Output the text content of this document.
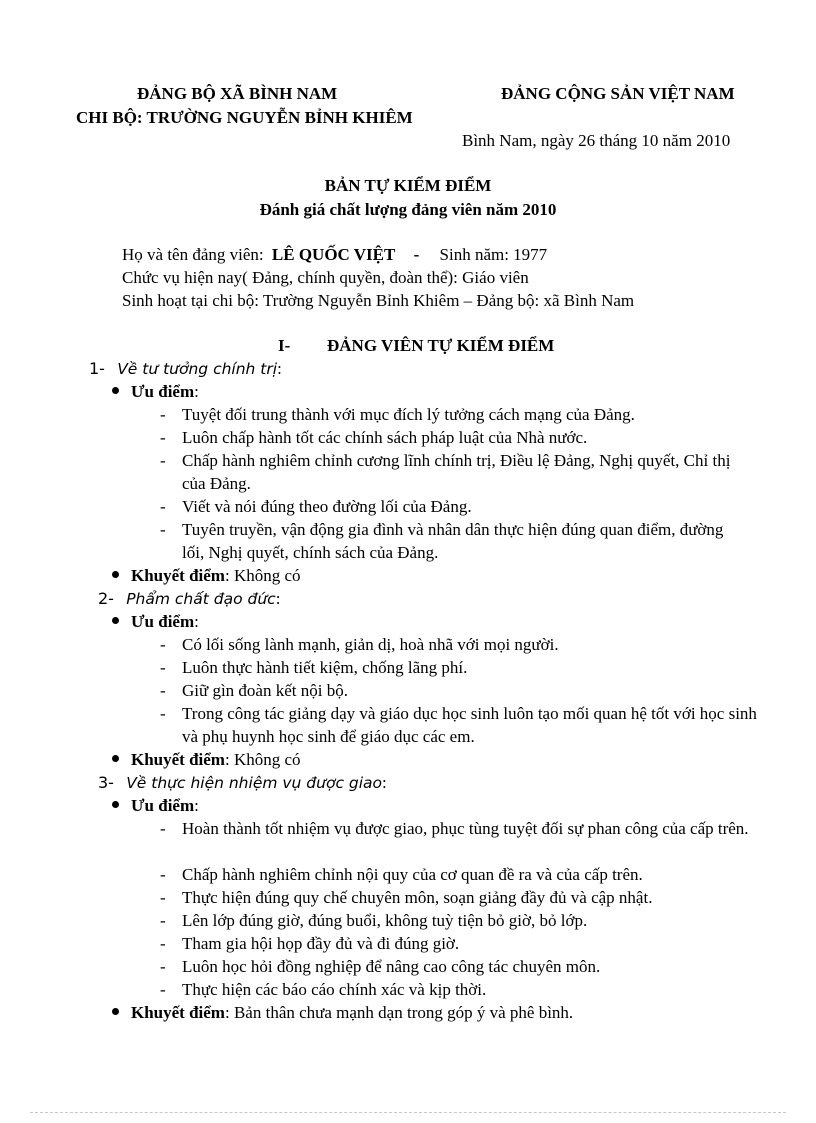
ĐẢNG BỘ XÃ BÌNH NAM
CHI BỘ: TRƯỜNG NGUYỄN BỈNH KHIÊM
ĐẢNG CỘNG SẢN VIỆT NAM
Bình Nam, ngày 26 tháng 10 năm 2010
BẢN TỰ KIỂM ĐIỂM
Đánh giá chất lượng đảng viên năm 2010
Họ và tên đảng viên: LÊ QUỐC VIỆT - Sinh năm: 1977
Chức vụ hiện nay( Đảng, chính quyền, đoàn thể): Giáo viên
Sinh hoạt tại chi bộ: Trường Nguyễn Bỉnh Khiêm – Đảng bộ: xã Bình Nam
I- ĐẢNG VIÊN TỰ KIỂM ĐIỂM
1- Về tư tưởng chính trị:
Ưu điểm:
- Tuyệt đối trung thành với mục đích lý tưởng cách mạng của Đảng.
- Luôn chấp hành tốt các chính sách pháp luật của Nhà nước.
- Chấp hành nghiêm chỉnh cương lĩnh chính trị, Điều lệ Đảng, Nghị quyết, Chỉ thị của Đảng.
- Viết và nói đúng theo đường lối của Đảng.
- Tuyên truyền, vận động gia đình và nhân dân thực hiện đúng quan điểm, đường lối, Nghị quyết, chính sách của Đảng.
Khuyết điểm: Không có
2- Phẩm chất đạo đức:
Ưu điểm:
- Có lối sống lành mạnh, giản dị, hoà nhã với mọi người.
- Luôn thực hành tiết kiệm, chống lãng phí.
- Giữ gìn đoàn kết nội bộ.
- Trong công tác giảng dạy và giáo dục học sinh luôn tạo mối quan hệ tốt với học sinh và phụ huynh học sinh để giáo dục các em.
Khuyết điểm: Không có
3- Về thực hiện nhiệm vụ được giao:
Ưu điểm:
- Hoàn thành tốt nhiệm vụ được giao, phục tùng tuyệt đối sự phan công của cấp trên.
- Chấp hành nghiêm chỉnh nội quy của cơ quan đề ra và của cấp trên.
- Thực hiện đúng quy chế chuyên môn, soạn giảng đầy đủ và cập nhật.
- Lên lớp đúng giờ, đúng buổi, không tuỳ tiện bỏ giờ, bỏ lớp.
- Tham gia hội họp đầy đủ và đi đúng giờ.
- Luôn học hỏi đồng nghiệp để nâng cao công tác chuyên môn.
- Thực hiện các báo cáo chính xác và kịp thời.
Khuyết điểm: Bản thân chưa mạnh dạn trong góp ý và phê bình.
